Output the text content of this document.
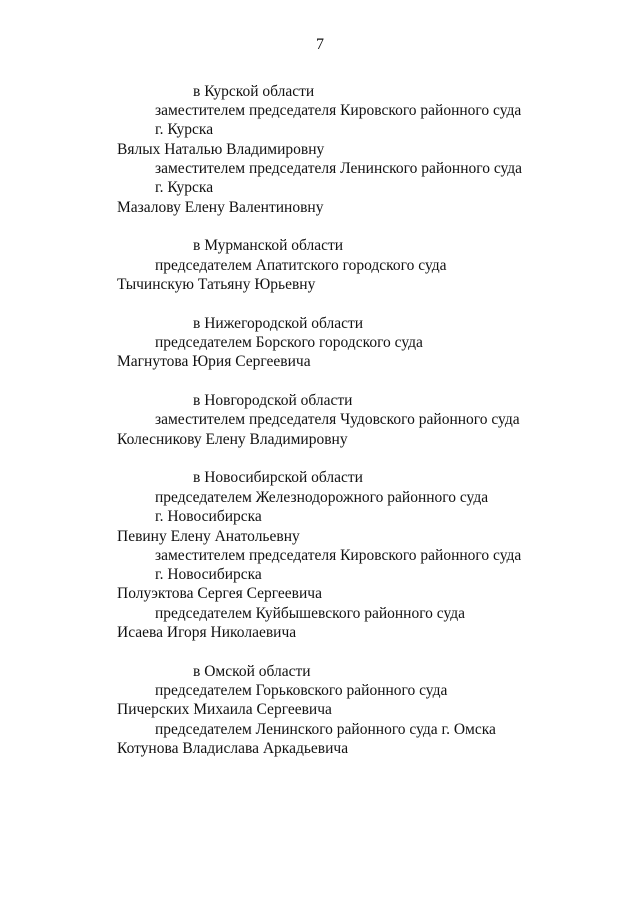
7
в Курской области
заместителем председателя Кировского районного суда
г. Курска
Вялых Наталью Владимировну
заместителем председателя Ленинского районного суда
г. Курска
Мазалову Елену Валентиновну
в Мурманской области
председателем Апатитского городского суда
Тычинскую Татьяну Юрьевну
в Нижегородской области
председателем Борского городского суда
Магнутова Юрия Сергеевича
в Новгородской области
заместителем председателя Чудовского районного суда
Колесникову Елену Владимировну
в Новосибирской области
председателем Железнодорожного районного суда
г. Новосибирска
Певину Елену Анатольевну
заместителем председателя Кировского районного суда
г. Новосибирска
Полуэктова Сергея Сергеевича
председателем Куйбышевского районного суда
Исаева Игоря Николаевича
в Омской области
председателем Горьковского районного суда
Пичерских Михаила Сергеевича
председателем Ленинского районного суда г. Омска
Котунова Владислава Аркадьевича
